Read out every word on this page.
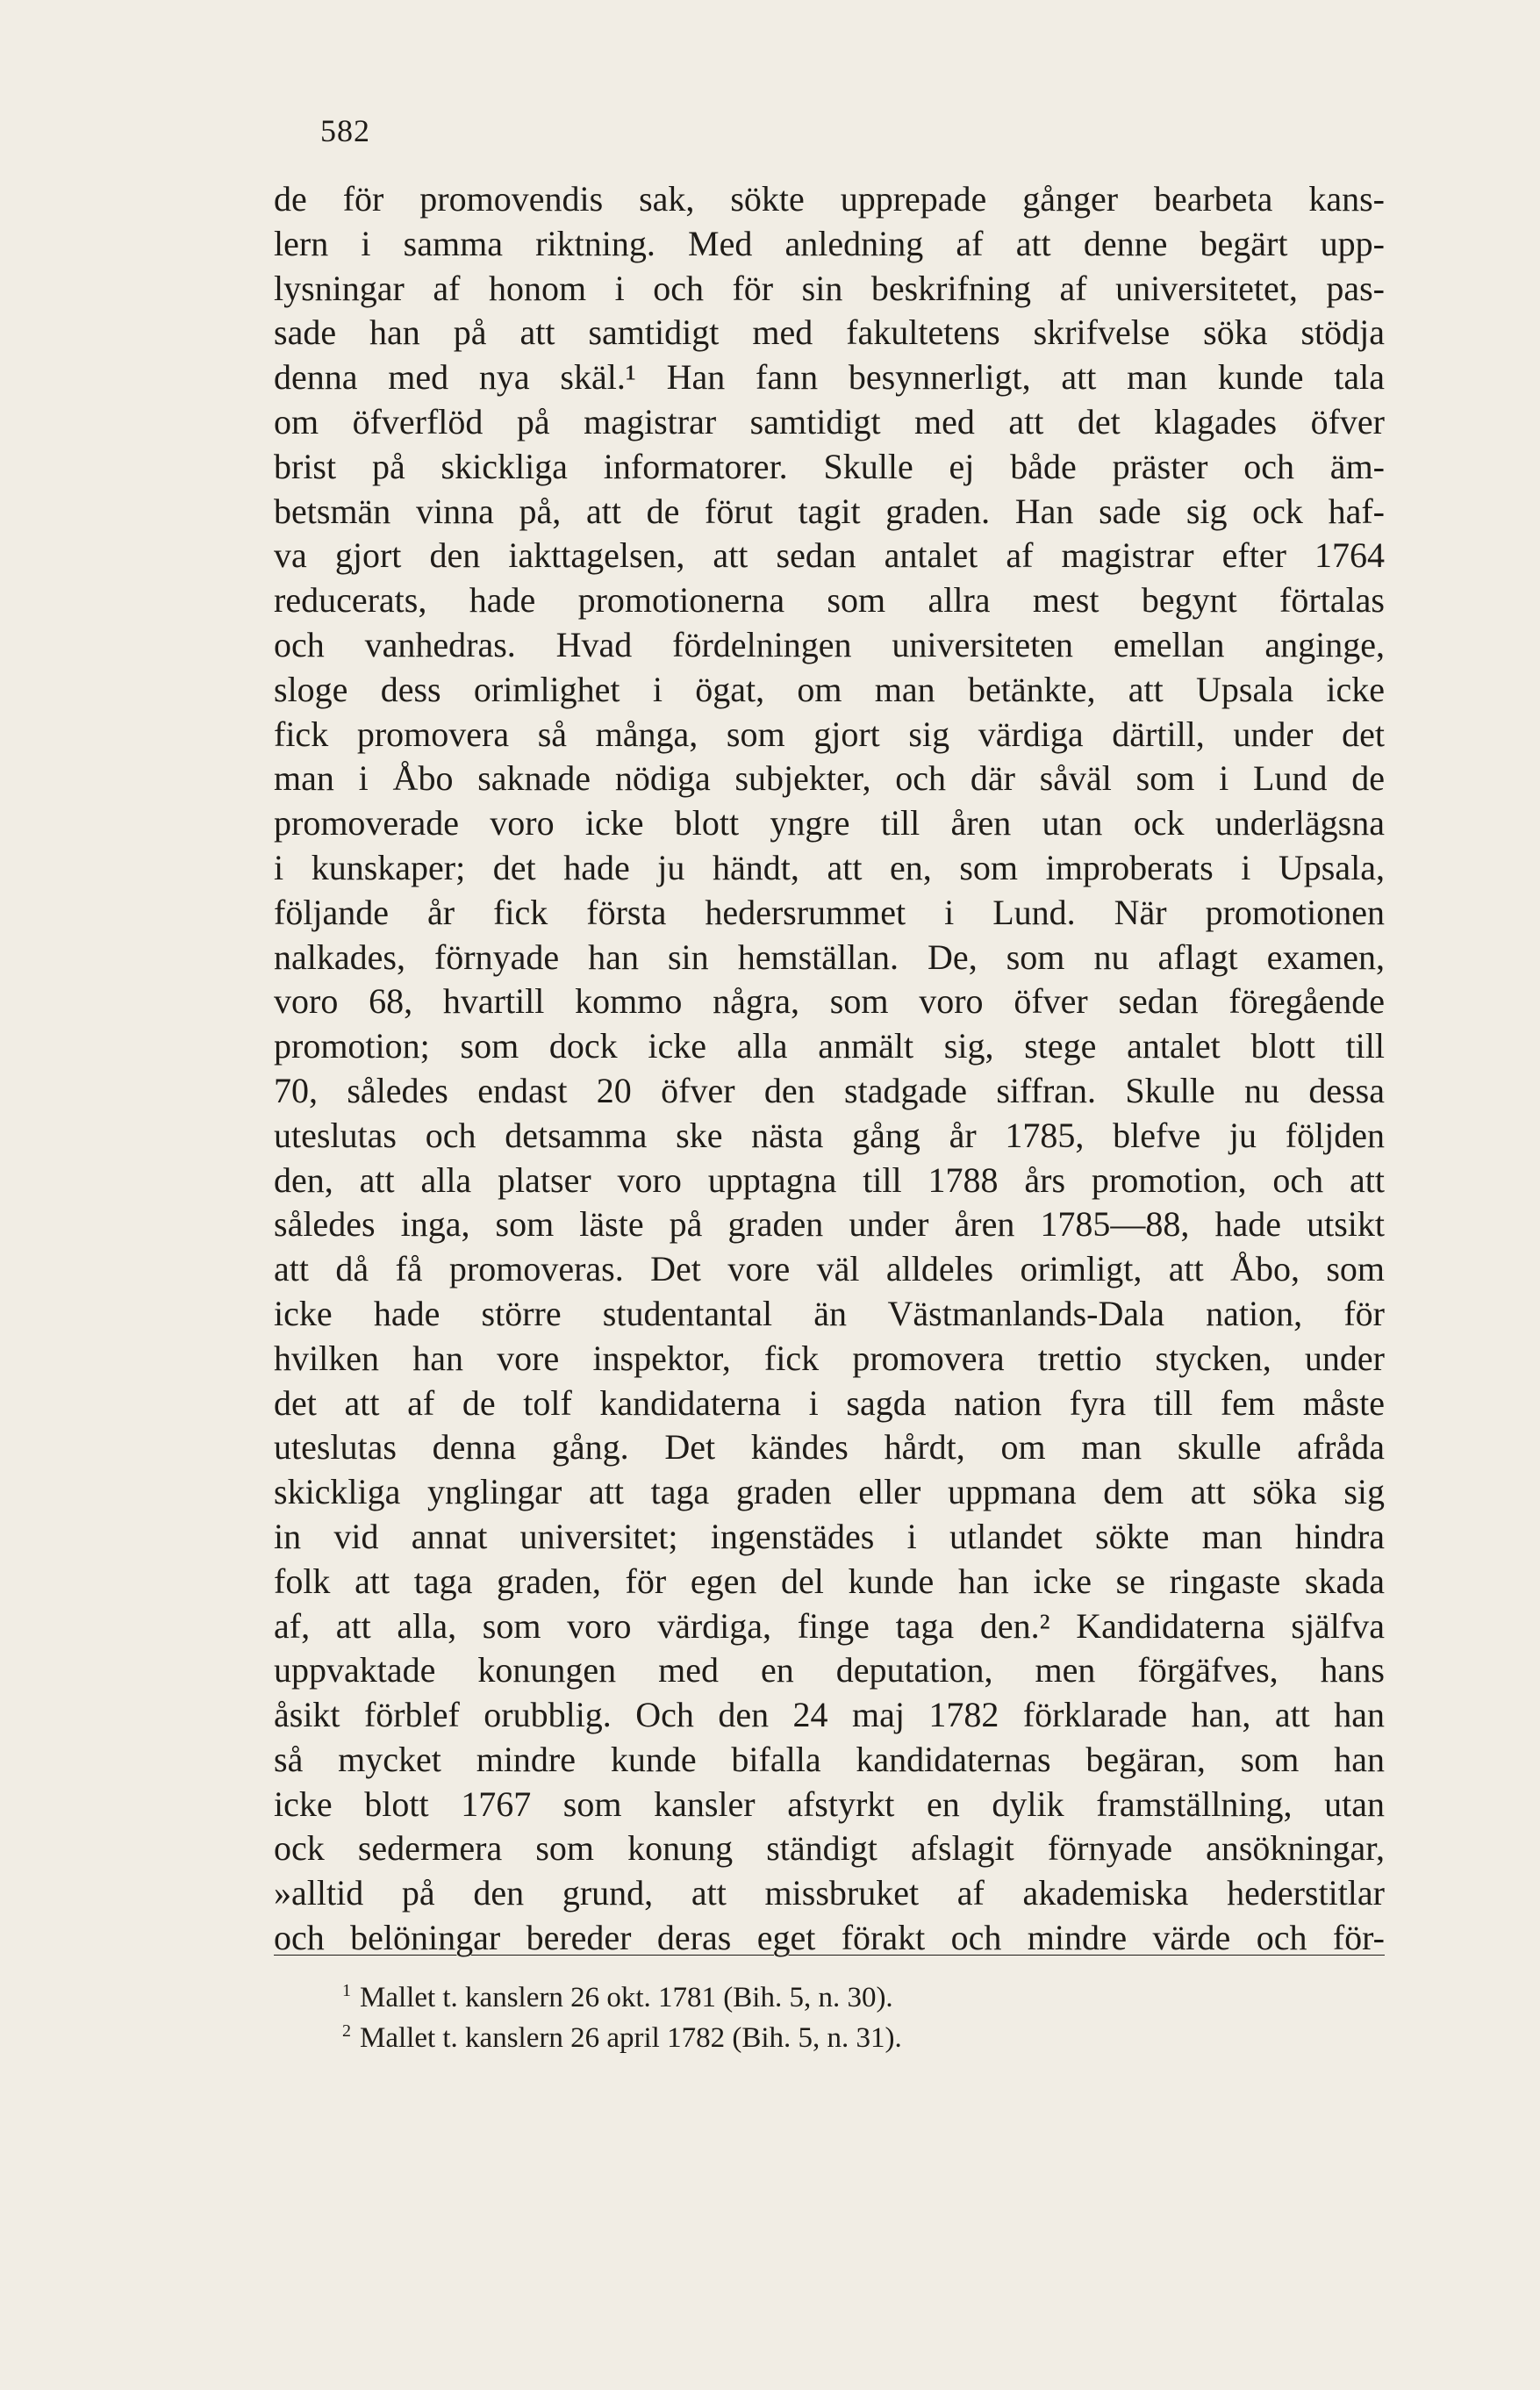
582
de för promovendis sak, sökte upprepade gånger bearbeta kans-
lern i samma riktning. Med anledning af att denne begärt upp-
lysningar af honom i och för sin beskrifning af universitetet, pas-
sade han på att samtidigt med fakultetens skrifvelse söka stödja
denna med nya skäl.¹ Han fann besynnerligt, att man kunde tala
om öfverflöd på magistrar samtidigt med att det klagades öfver
brist på skickliga informatorer. Skulle ej både präster och äm-
betsmän vinna på, att de förut tagit graden. Han sade sig ock haf-
va gjort den iakttagelsen, att sedan antalet af magistrar efter 1764
reducerats, hade promotionerna som allra mest begynt förtalas
och vanhedras. Hvad fördelningen universiteten emellan anginge,
sloge dess orimlighet i ögat, om man betänkte, att Upsala icke
fick promovera så många, som gjort sig värdiga därtill, under det
man i Åbo saknade nödiga subjekter, och där såväl som i Lund de
promoverade voro icke blott yngre till åren utan ock underlägsna
i kunskaper; det hade ju händt, att en, som improberats i Upsala,
följande år fick första hedersrummet i Lund. När promotionen
nalkades, förnyade han sin hemställan. De, som nu aflagt examen,
voro 68, hvartill kommo några, som voro öfver sedan föregående
promotion; som dock icke alla anmält sig, stege antalet blott till
70, således endast 20 öfver den stadgade siffran. Skulle nu dessa
uteslutas och detsamma ske nästa gång år 1785, blefve ju följden
den, att alla platser voro upptagna till 1788 års promotion, och att
således inga, som läste på graden under åren 1785—88, hade utsikt
att då få promoveras. Det vore väl alldeles orimligt, att Åbo, som
icke hade större studentantal än Västmanlands-Dala nation, för
hvilken han vore inspektor, fick promovera trettio stycken, under
det att af de tolf kandidaterna i sagda nation fyra till fem måste
uteslutas denna gång. Det kändes hårdt, om man skulle afråda
skickliga ynglingar att taga graden eller uppmana dem att söka sig
in vid annat universitet; ingenstädes i utlandet sökte man hindra
folk att taga graden, för egen del kunde han icke se ringaste skada
af, att alla, som voro värdiga, finge taga den.² Kandidaterna själfva
uppvaktade konungen med en deputation, men förgäfves, hans
åsikt förblef orubblig. Och den 24 maj 1782 förklarade han, att han
så mycket mindre kunde bifalla kandidaternas begäran, som han
icke blott 1767 som kansler afstyrkt en dylik framställning, utan
ock sedermera som konung ständigt afslagit förnyade ansökningar,
»alltid på den grund, att missbruket af akademiska hederstitlar
och belöningar bereder deras eget förakt och mindre värde och för-
$^1$ Mallet t. kanslern 26 okt. 1781 (Bih. 5, n. 30).
$^2$ Mallet t. kanslern 26 april 1782 (Bih. 5, n. 31).
